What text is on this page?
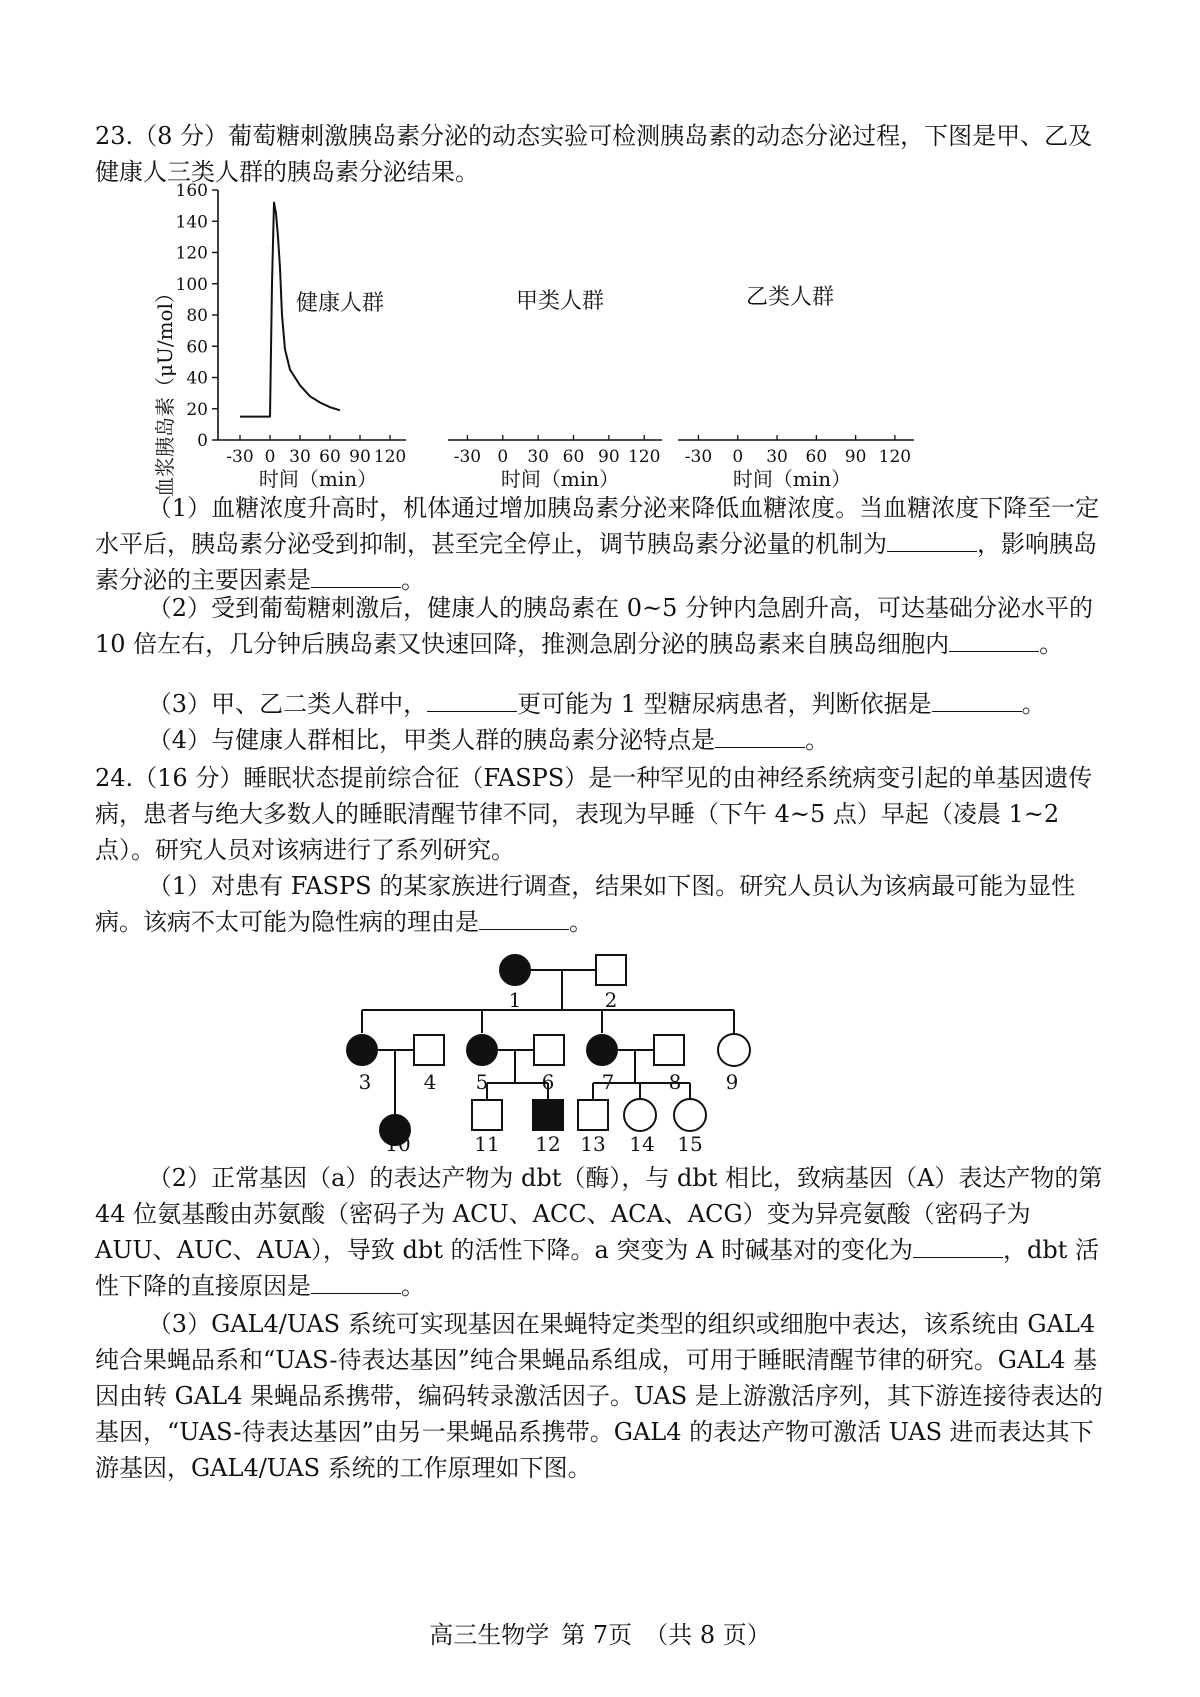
23.（8 分）葡萄糖刺激胰岛素分泌的动态实验可检测胰岛素的动态分泌过程，下图是甲、乙及健康人三类人群的胰岛素分泌结果。

血浆胰岛素（μU/mol） 0
20
40
60
80
100
120
140
160
-30 0 30 60 90 120	-30 0 30 60 90 120 -30 0 30 60 90 120
健康人群	甲类人群	乙类人群
时间（min）	时间（min）	时间（min）

（1）血糖浓度升高时，机体通过增加胰岛素分泌来降低血糖浓度。当血糖浓度下降至一定水平后，胰岛素分泌受到抑制，甚至完全停止，调节胰岛素分泌量的机制为	，影响胰岛素分泌的主要因素是	。

（2）受到葡萄糖刺激后，健康人的胰岛素在 0~5 分钟内急剧升高，可达基础分泌水平的 10 倍左右，几分钟后胰岛素又快速回降，推测急剧分泌的胰岛素来自胰岛细胞内	。

（3）甲、乙二类人群中，	更可能为 1 型糖尿病患者，判断依据是	。

（4）与健康人群相比，甲类人群的胰岛素分泌特点是	。

24.（16 分）睡眠状态提前综合征（FASPS）是一种罕见的由神经系统病变引起的单基因遗传病，患者与绝大多数人的睡眠清醒节律不同，表现为早睡（下午 4~5 点）早起（凌晨 1~2 点）。研究人员对该病进行了系列研究。

（1）对患有 FASPS 的某家族进行调查，结果如下图。研究人员认为该病最可能为显性病。该病不太可能为隐性病的理由是	。

1	2
3	4 5	6 7	8 9
10	11 12 13 14 15

（2）正常基因（a）的表达产物为 dbt（酶），与 dbt 相比，致病基因（A）表达产物的第 44 位氨基酸由苏氨酸（密码子为 ACU、ACC、ACA、ACG）变为异亮氨酸（密码子为 AUU、AUC、AUA），导致 dbt 的活性下降。a 突变为 A 时碱基对的变化为	，dbt 活性下降的直接原因是	。

（3）GAL4/UAS 系统可实现基因在果蝇特定类型的组织或细胞中表达，该系统由 GAL4 纯合果蝇品系和“UAS-待表达基因”纯合果蝇品系组成，可用于睡眠清醒节律的研究。GAL4 基因由转 GAL4 果蝇品系携带，编码转录激活因子。UAS 是上游激活序列，其下游连接待表达的基因，“UAS-待表达基因”由另一果蝇品系携带。GAL4 的表达产物可激活 UAS 进而表达其下游基因，GAL4/UAS 系统的工作原理如下图。

高三生物学 第 7页 （共 8 页）
